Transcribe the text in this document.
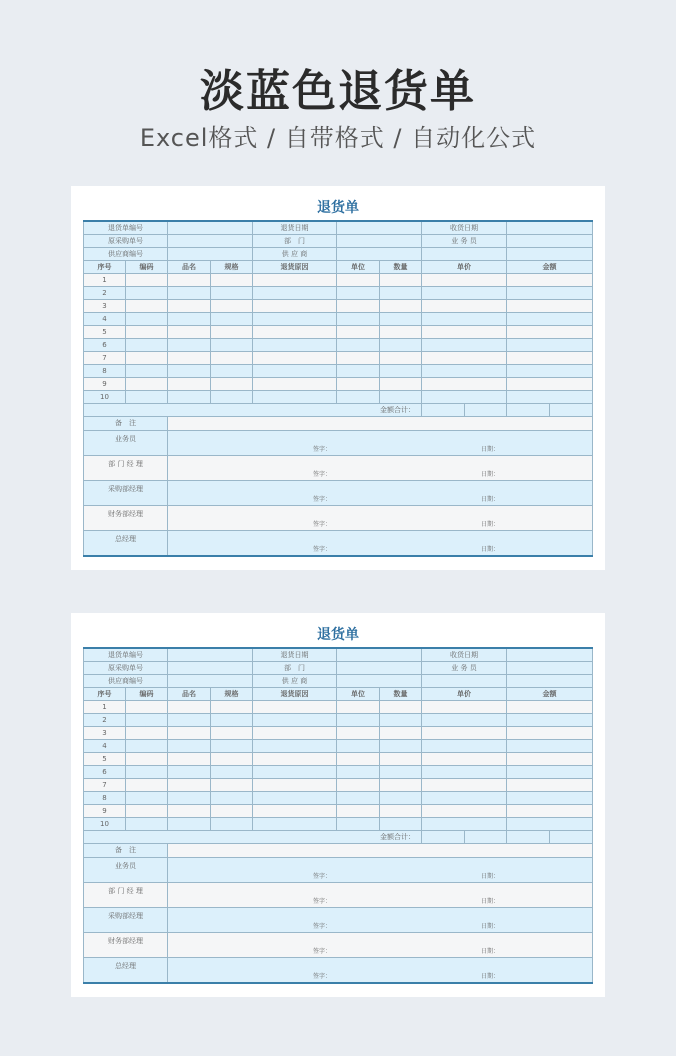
淡蓝色退货单
Excel格式 / 自带格式 / 自动化公式
退货单
退货单编号				退货日期			收货日期			
原采购单号				部　门			业 务 员			
供应商编号				供 应 商						
序号	编码	品名	规格	退货原因	单位	数量	单价		金额	
1										
2										
3										
4										
5										
6										
7										
8										
9										
10										
金额合计：										
备　注										
业务员		签字： 日期：								

部 门 经 理		签字： 日期：								

采购部经理		签字： 日期：								

财务部经理		签字： 日期：								

总经理		签字： 日期：								
退货单
退货单编号				退货日期			收货日期			
原采购单号				部　门			业 务 员			
供应商编号				供 应 商						
序号	编码	品名	规格	退货原因	单位	数量	单价		金额	
1										
2										
3										
4										
5										
6										
7										
8										
9										
10										
金额合计：										
备　注										
业务员		签字： 日期：								

部 门 经 理		签字： 日期：								

采购部经理		签字： 日期：								

财务部经理		签字： 日期：								

总经理		签字： 日期：								
